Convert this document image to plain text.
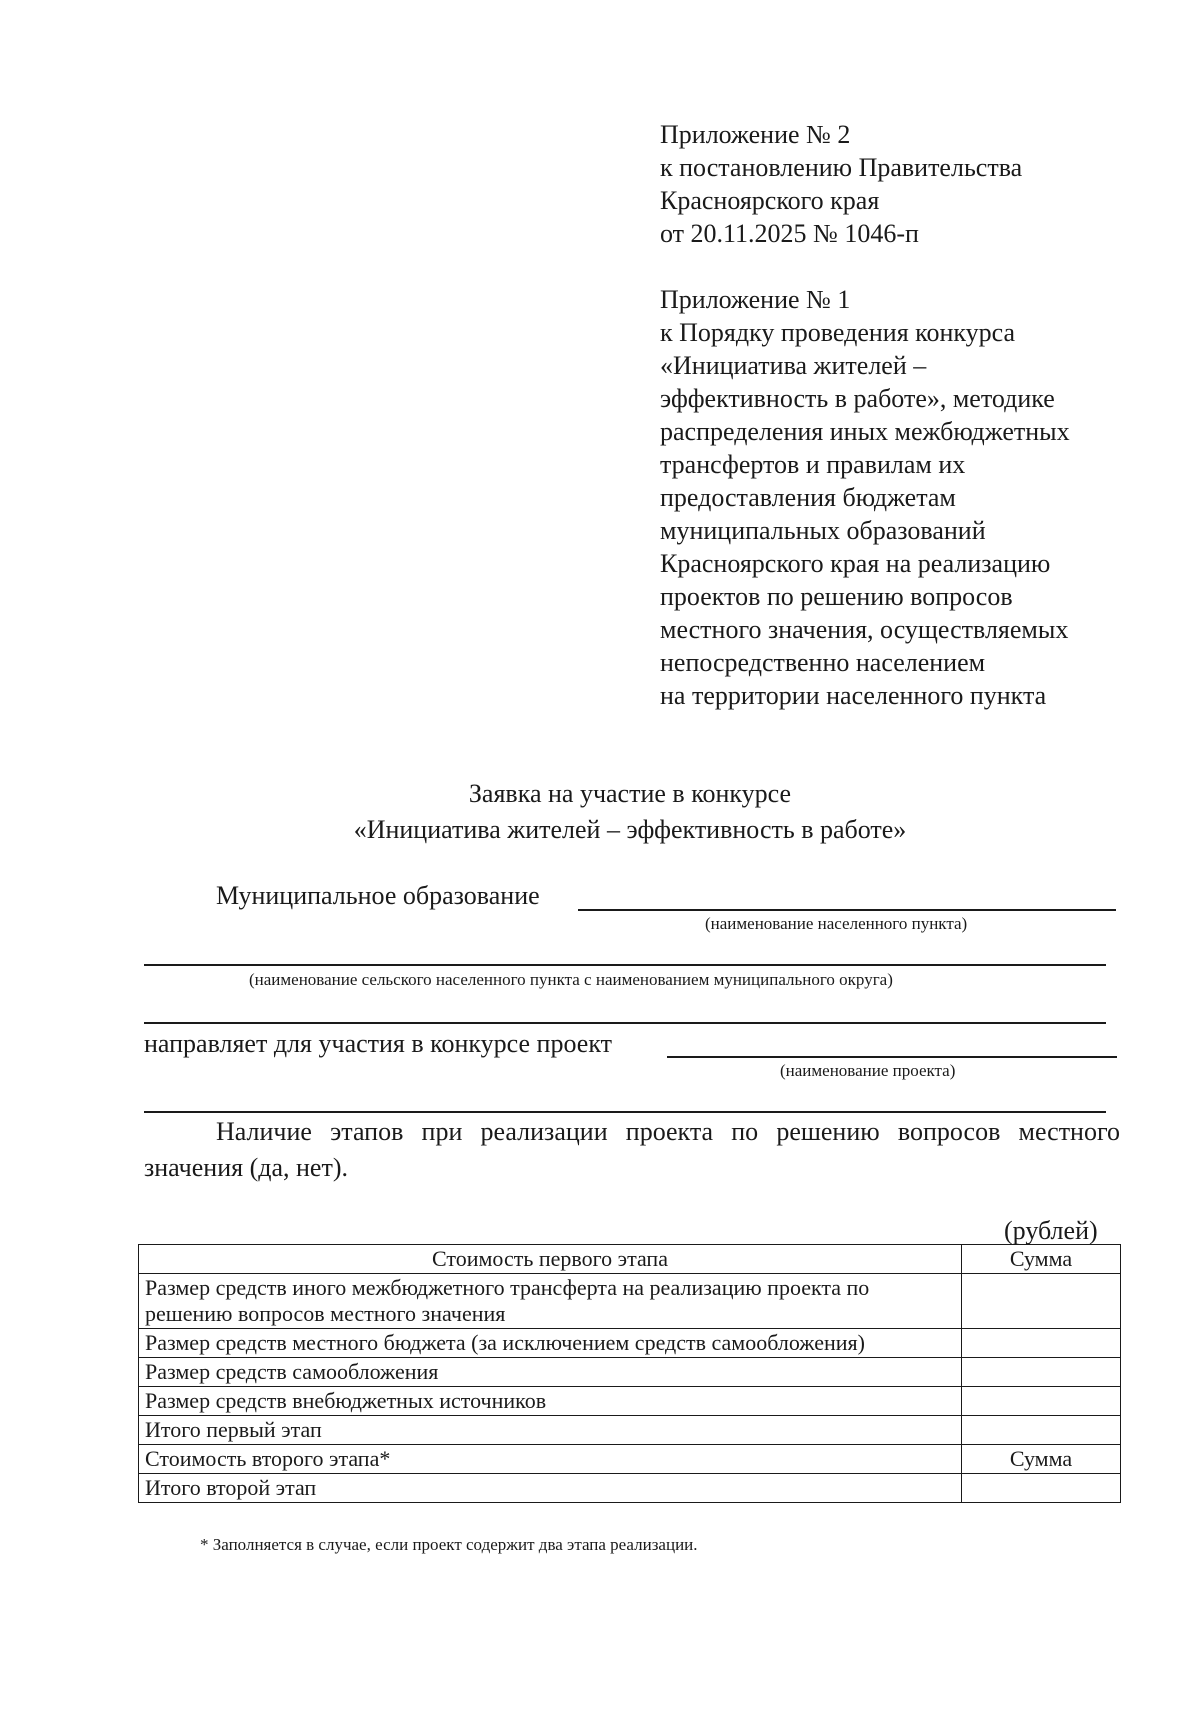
Приложение № 2
к постановлению Правительства
Красноярского края
от 20.11.2025 № 1046-п
Приложение № 1
к Порядку проведения конкурса
«Инициатива жителей –
эффективность в работе», методике
распределения иных межбюджетных
трансфертов и правилам их
предоставления бюджетам
муниципальных образований
Красноярского края на реализацию
проектов по решению вопросов
местного значения, осуществляемых
непосредственно населением
на территории населенного пункта
Заявка на участие в конкурсе
«Инициатива жителей – эффективность в работе»
Муниципальное образование
(наименование населенного пункта)
(наименование сельского населенного пункта с наименованием муниципального округа)
направляет для участия в конкурсе проект
(наименование проекта)
Наличие этапов при реализации проекта по решению вопросов местного значения (да, нет).
(рублей)
Стоимость первого этапа	Сумма
Размер средств иного межбюджетного трансферта на реализацию проекта по решению вопросов местного значения	
Размер средств местного бюджета (за исключением средств самообложения)	
Размер средств самообложения	
Размер средств внебюджетных источников	
Итого первый этап	
Стоимость второго этапа*	Сумма
Итого второй этап	
* Заполняется в случае, если проект содержит два этапа реализации.
